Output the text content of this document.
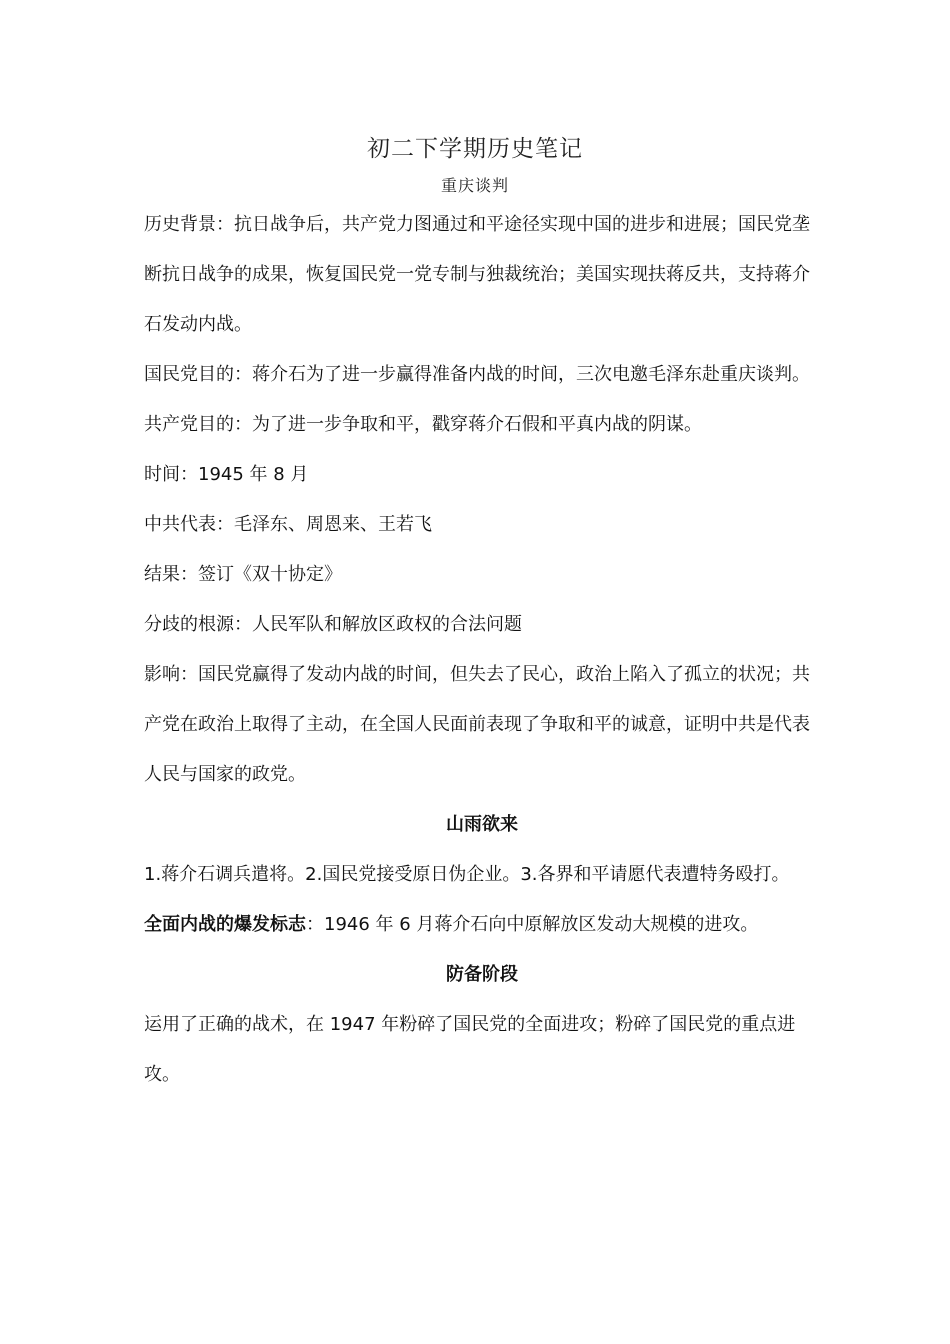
初二下学期历史笔记
重庆谈判

历史背景：抗日战争后，共产党力图通过和平途径实现中国的进步和进展；国民党垄断抗日战争的成果，恢复国民党一党专制与独裁统治；美国实现扶蒋反共，支持蒋介石发动内战。

国民党目的：蒋介石为了进一步赢得准备内战的时间，三次电邀毛泽东赴重庆谈判。

共产党目的：为了进一步争取和平，戳穿蒋介石假和平真内战的阴谋。

时间：1945 年 8 月

中共代表：毛泽东、周恩来、王若飞

结果：签订《双十协定》

分歧的根源：人民军队和解放区政权的合法问题

影响：国民党赢得了发动内战的时间，但失去了民心，政治上陷入了孤立的状况；共产党在政治上取得了主动，在全国人民面前表现了争取和平的诚意，证明中共是代表人民与国家的政党。

山雨欲来

1.蒋介石调兵遣将。2.国民党接受原日伪企业。3.各界和平请愿代表遭特务殴打。

全面内战的爆发标志：1946 年 6 月蒋介石向中原解放区发动大规模的进攻。

防备阶段

运用了正确的战术，在 1947 年粉碎了国民党的全面进攻；粉碎了国民党的重点进攻。
